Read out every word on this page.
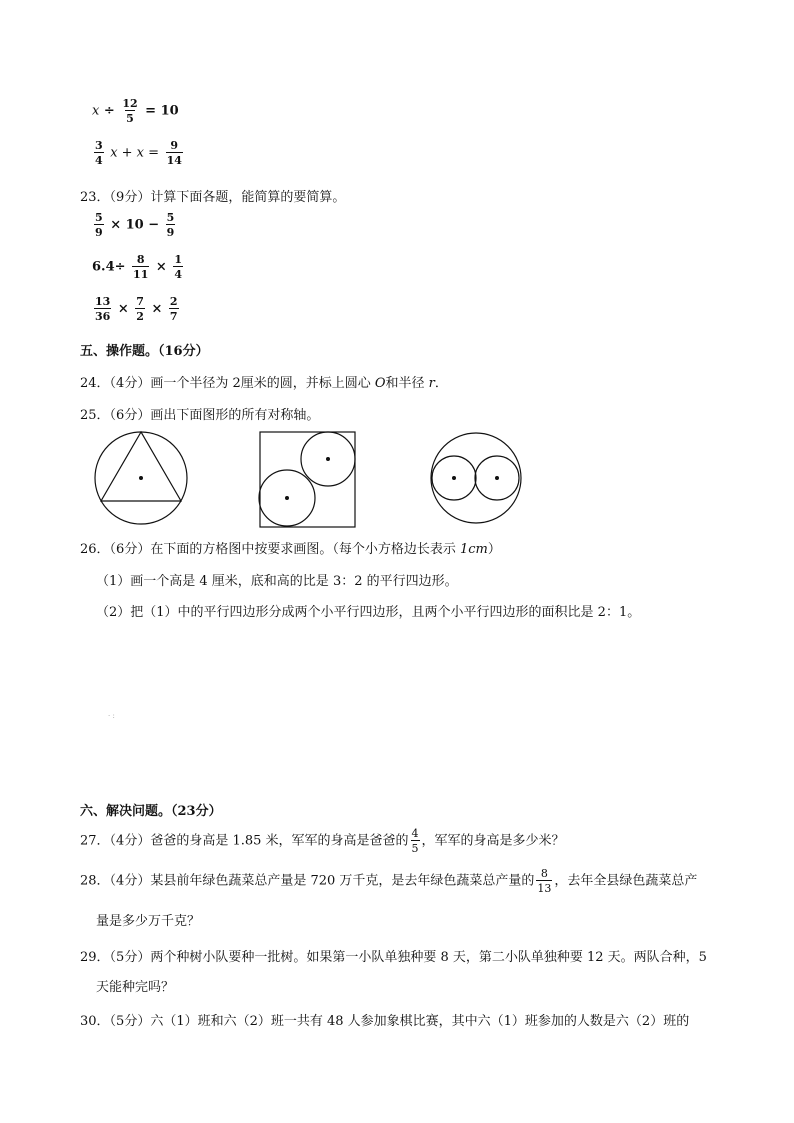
$x \div \frac{12}{5} = 10$
$\frac{3}{4}$ $x + x = \frac{9}{14}$
23．（9分）计算下面各题，能简算的要简算。
$\frac{5}{9} \times 10 - \frac{5}{9}$
$6.4\div \frac{8}{11} \times \frac{1}{4}$
$\frac{13}{36} \times \frac{7}{2} \times \frac{2}{7}$
五、操作题。（16分）
24．（4分）画一个半径为 2厘米的圆，并标上圆心 O和半径 r．
25．（6分）画出下面图形的所有对称轴。
26．（6分）在下面的方格图中按要求画图。（每个小方格边长表示 1cm）
（1）画一个高是 4 厘米，底和高的比是 3：2 的平行四边形。
（2）把（1）中的平行四边形分成两个小平行四边形，且两个小平行四边形的面积比是 2：1。
· :
六、解决问题。（23分）
27．（4分）爸爸的身高是 1.85 米，军军的身高是爸爸的 $\frac{4}{5}$ ，军军的身高是多少米？
28．（4分）某县前年绿色蔬菜总产量是 720 万千克，是去年绿色蔬菜总产量的 $\frac{8}{13}$ ，去年全县绿色蔬菜总产
量是多少万千克？
29．（5分）两个种树小队要种一批树。如果第一小队单独种要 8 天，第二小队单独种要 12 天。两队合种，5
天能种完吗？
30．（5分）六（1）班和六（2）班一共有 48 人参加象棋比赛，其中六（1）班参加的人数是六（2）班的
